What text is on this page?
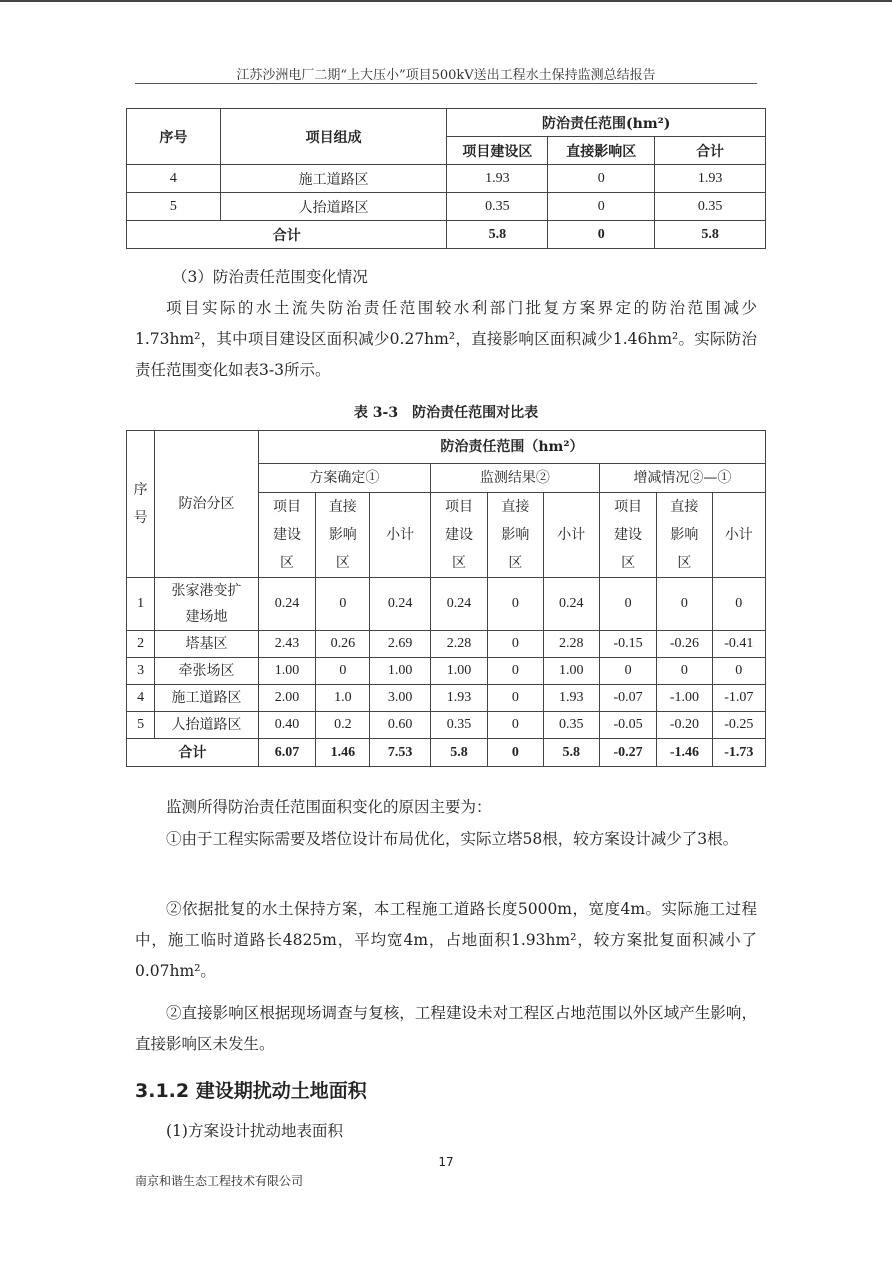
江苏沙洲电厂二期“上大压小”项目500kV送出工程水土保持监测总结报告
序号	项目组成	防治责任范围(hm²)		
		项目建设区	直接影响区	合计
4	施工道路区	1.93	0	1.93
5	人抬道路区	0.35	0	0.35
合计		5.8	0	5.8
（3）防治责任范围变化情况
项目实际的水土流失防治责任范围较水利部门批复方案界定的防治范围减少1.73hm²，其中项目建设区面积减少0.27hm²，直接影响区面积减少1.46hm²。实际防治责任范围变化如表3-3所示。
表 3-3　防治责任范围对比表
序
号	防治分区	防治责任范围（hm²）								
		方案确定①			监测结果②			增减情况②—①		

		项目
建设
区	直接
影响
区	小计	项目
建设
区	直接
影响
区	小计	项目
建设
区	直接
影响
区	小计
1	张家港变扩
建场地	0.24	0	0.24	0.24	0	0.24	0	0	0
2	塔基区	2.43	0.26	2.69	2.28	0	2.28	-0.15	-0.26	-0.41
3	牵张场区	1.00	0	1.00	1.00	0	1.00	0	0	0
4	施工道路区	2.00	1.0	3.00	1.93	0	1.93	-0.07	-1.00	-1.07
5	人抬道路区	0.40	0.2	0.60	0.35	0	0.35	-0.05	-0.20	-0.25
合计		6.07	1.46	7.53	5.8	0	5.8	-0.27	-1.46	-1.73
监测所得防治责任范围面积变化的原因主要为：
①由于工程实际需要及塔位设计布局优化，实际立塔58根，较方案设计减少了3根。
②依据批复的水土保持方案，本工程施工道路长度5000m，宽度4m。实际施工过程中，施工临时道路长4825m，平均宽4m，占地面积1.93hm²，较方案批复面积减小了0.07hm²。
②直接影响区根据现场调查与复核，工程建设未对工程区占地范围以外区域产生影响，直接影响区未发生。
3.1.2 建设期扰动土地面积
(1)方案设计扰动地表面积
17
南京和谐生态工程技术有限公司
